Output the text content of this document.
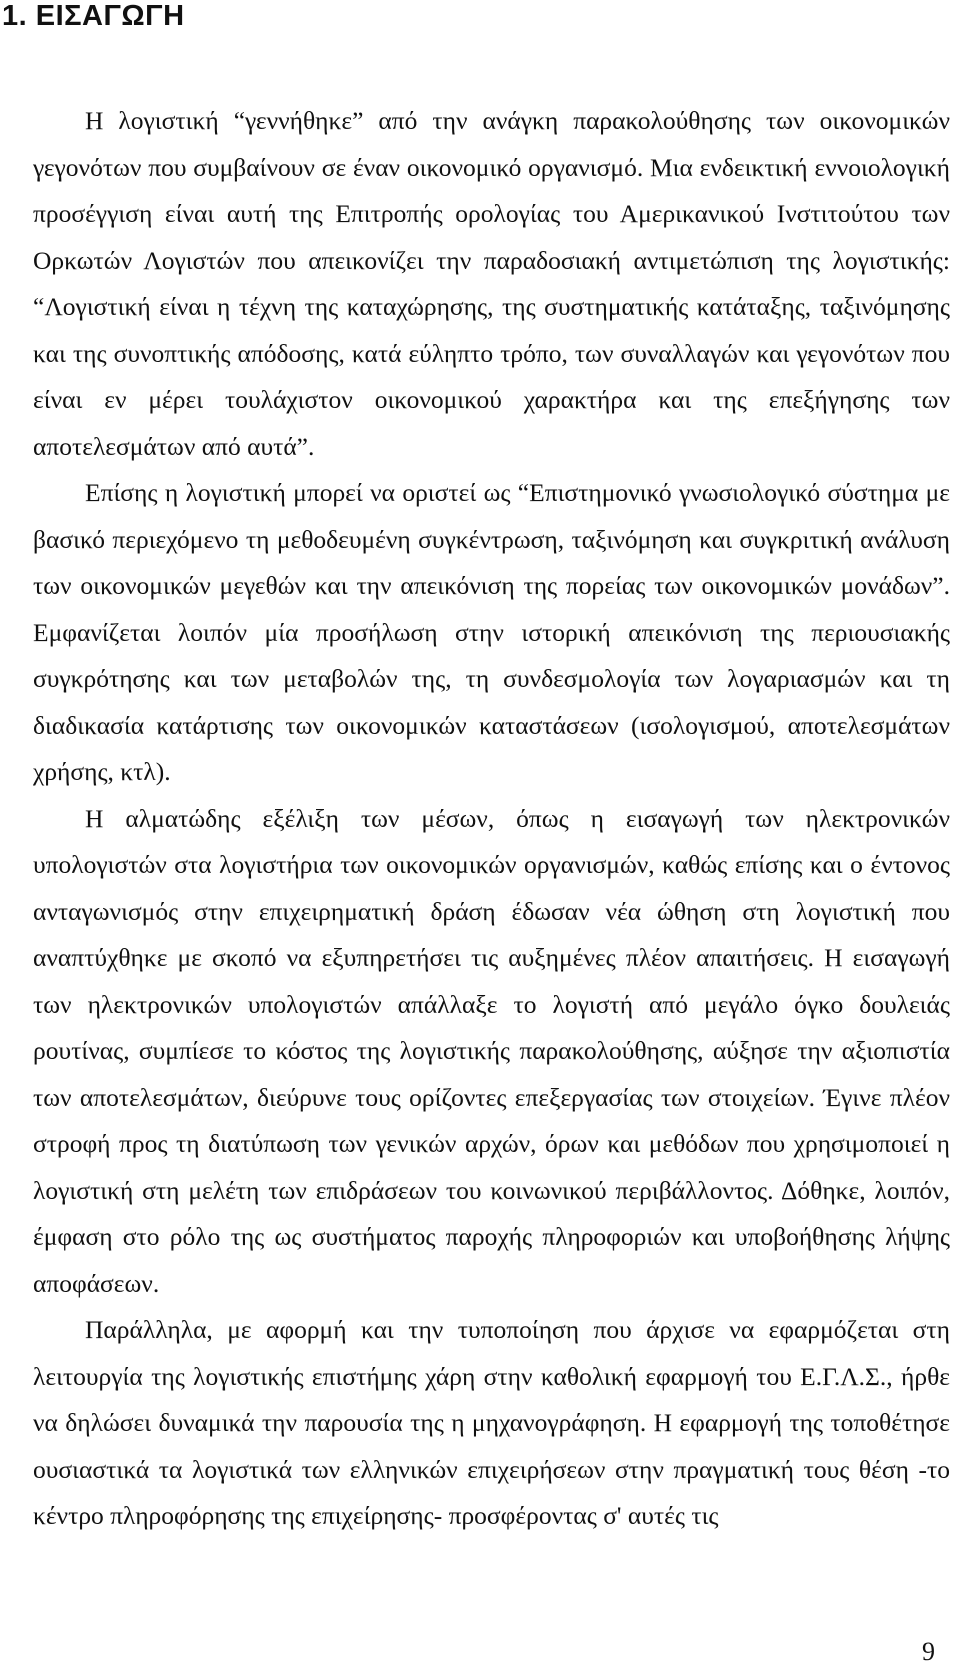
1. ΕΙΣΑΓΩΓΗ

Η λογιστική “γεννήθηκε” από την ανάγκη παρακολούθησης των οικονομικών γεγονότων που συμβαίνουν σε έναν οικονομικό οργανισμό. Μια ενδεικτική εννοιολογική προσέγγιση είναι αυτή της Επιτροπής ορολογίας του Αμερικανικού Ινστιτούτου των Ορκωτών Λογιστών που απεικονίζει την παραδοσιακή αντιμετώπιση της λογιστικής: “Λογιστική είναι η τέχνη της καταχώρησης, της συστηματικής κατάταξης, ταξινόμησης και της συνοπτικής απόδοσης, κατά εύληπτο τρόπο, των συναλλαγών και γεγονότων που είναι εν μέρει τουλάχιστον οικονομικού χαρακτήρα και της επεξήγησης των αποτελεσμάτων από αυτά”.

Επίσης η λογιστική μπορεί να οριστεί ως “Επιστημονικό γνωσιολογικό σύστημα με βασικό περιεχόμενο τη μεθοδευμένη συγκέντρωση, ταξινόμηση και συγκριτική ανάλυση των οικονομικών μεγεθών και την απεικόνιση της πορείας των οικονομικών μονάδων”. Εμφανίζεται λοιπόν μία προσήλωση στην ιστορική απεικόνιση της περιουσιακής συγκρότησης και των μεταβολών της, τη συνδεσμολογία των λογαριασμών και τη διαδικασία κατάρτισης των οικονομικών καταστάσεων (ισολογισμού, αποτελεσμάτων χρήσης, κτλ).

Η αλματώδης εξέλιξη των μέσων, όπως η εισαγωγή των ηλεκτρονικών υπολογιστών στα λογιστήρια των οικονομικών οργανισμών, καθώς επίσης και ο έντονος ανταγωνισμός στην επιχειρηματική δράση έδωσαν νέα ώθηση στη λογιστική που αναπτύχθηκε με σκοπό να εξυπηρετήσει τις αυξημένες πλέον απαιτήσεις. Η εισαγωγή των ηλεκτρονικών υπολογιστών απάλλαξε το λογιστή από μεγάλο όγκο δουλειάς ρουτίνας, συμπίεσε το κόστος της λογιστικής παρακολούθησης, αύξησε την αξιοπιστία των αποτελεσμάτων, διεύρυνε τους ορίζοντες επεξεργασίας των στοιχείων. Έγινε πλέον στροφή προς τη διατύπωση των γενικών αρχών, όρων και μεθόδων που χρησιμοποιεί η λογιστική στη μελέτη των επιδράσεων του κοινωνικού περιβάλλοντος. Δόθηκε, λοιπόν, έμφαση στο ρόλο της ως συστήματος παροχής πληροφοριών και υποβοήθησης λήψης αποφάσεων.

Παράλληλα, με αφορμή και την τυποποίηση που άρχισε να εφαρμόζεται στη λειτουργία της λογιστικής επιστήμης χάρη στην καθολική εφαρμογή του Ε.Γ.Λ.Σ., ήρθε να δηλώσει δυναμικά την παρουσία της η μηχανογράφηση. Η εφαρμογή της τοποθέτησε ουσιαστικά τα λογιστικά των ελληνικών επιχειρήσεων στην πραγματική τους θέση -το κέντρο πληροφόρησης της επιχείρησης- προσφέροντας σ' αυτές τις

9
